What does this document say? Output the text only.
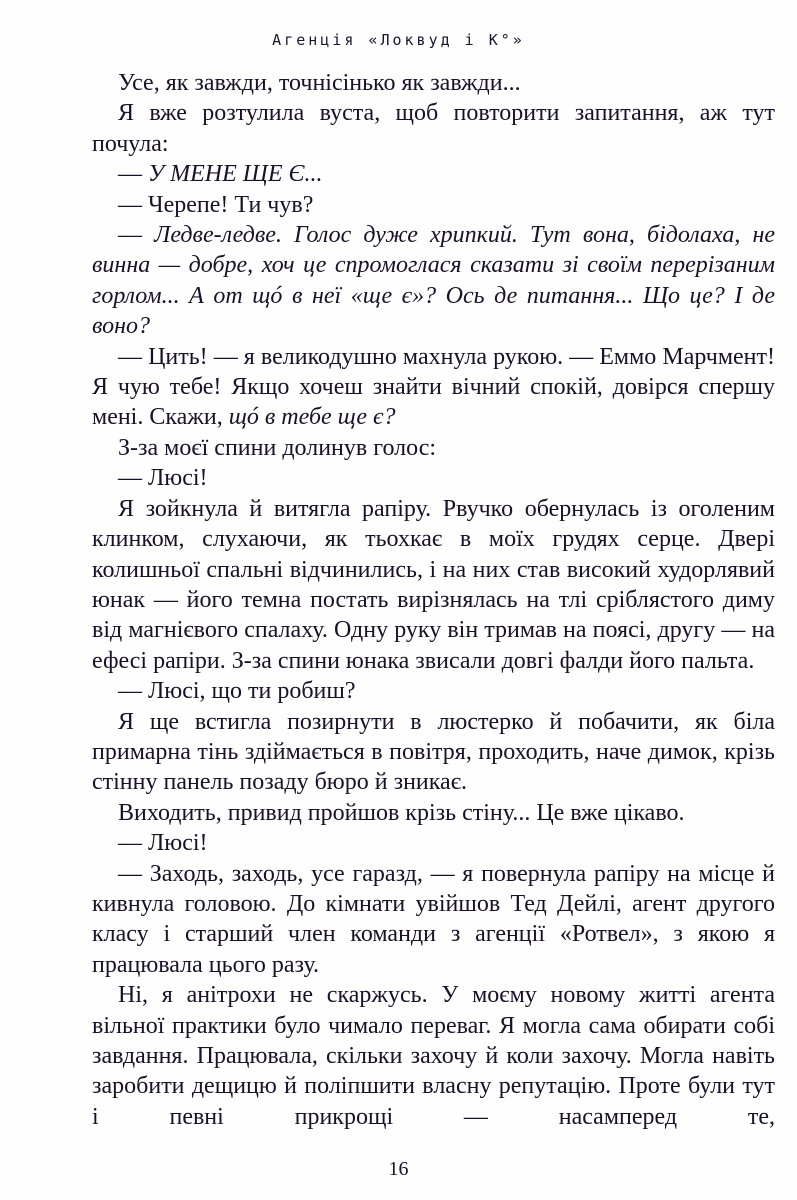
Агенція «Локвуд і К°»

Усе, як завжди, точнісінько як завжди...

Я вже розтулила вуста, щоб повторити запитання, аж тут почула:

— У МЕНЕ ЩЕ Є...

— Черепе! Ти чув?

— Ледве-ледве. Голос дуже хрипкий. Тут вона, бідолаха, не винна — добре, хоч це спромоглася сказати зі своїм перерізаним горлом... А от щó в неї «ще є»? Ось де питання... Що це? І де воно?

— Цить! — я великодушно махнула рукою. — Еммо Марчмент! Я чую тебе! Якщо хочеш знайти вічний спокій, довірся спершу мені. Скажи, щó в тебе ще є?

З-за моєї спини долинув голос:

— Люсі!

Я зойкнула й витягла рапіру. Рвучко обернулась із оголеним клинком, слухаючи, як тьохкає в моїх грудях серце. Двері колишньої спальні відчинились, і на них став високий худорлявий юнак — його темна постать вирізнялась на тлі сріблястого диму від магнієвого спалаху. Одну руку він тримав на поясі, другу — на ефесі рапіри. З-за спини юнака звисали довгі фалди його пальта.

— Люсі, що ти робиш?

Я ще встигла позирнути в люстерко й побачити, як біла примарна тінь здіймається в повітря, проходить, наче димок, крізь стінну панель позаду бюро й зникає.

Виходить, привид пройшов крізь стіну... Це вже цікаво.

— Люсі!

— Заходь, заходь, усе гаразд, — я повернула рапіру на місце й кивнула головою. До кімнати увійшов Тед Дейлі, агент другого класу і старший член команди з агенції «Ротвел», з якою я працювала цього разу.

Ні, я анітрохи не скаржусь. У моєму новому житті агента вільної практики було чимало переваг. Я могла сама обирати собі завдання. Працювала, скільки захочу й коли захочу. Могла навіть заробити дещицю й поліпшити власну репутацію. Проте були тут і певні прикрощі — насамперед те,

16
